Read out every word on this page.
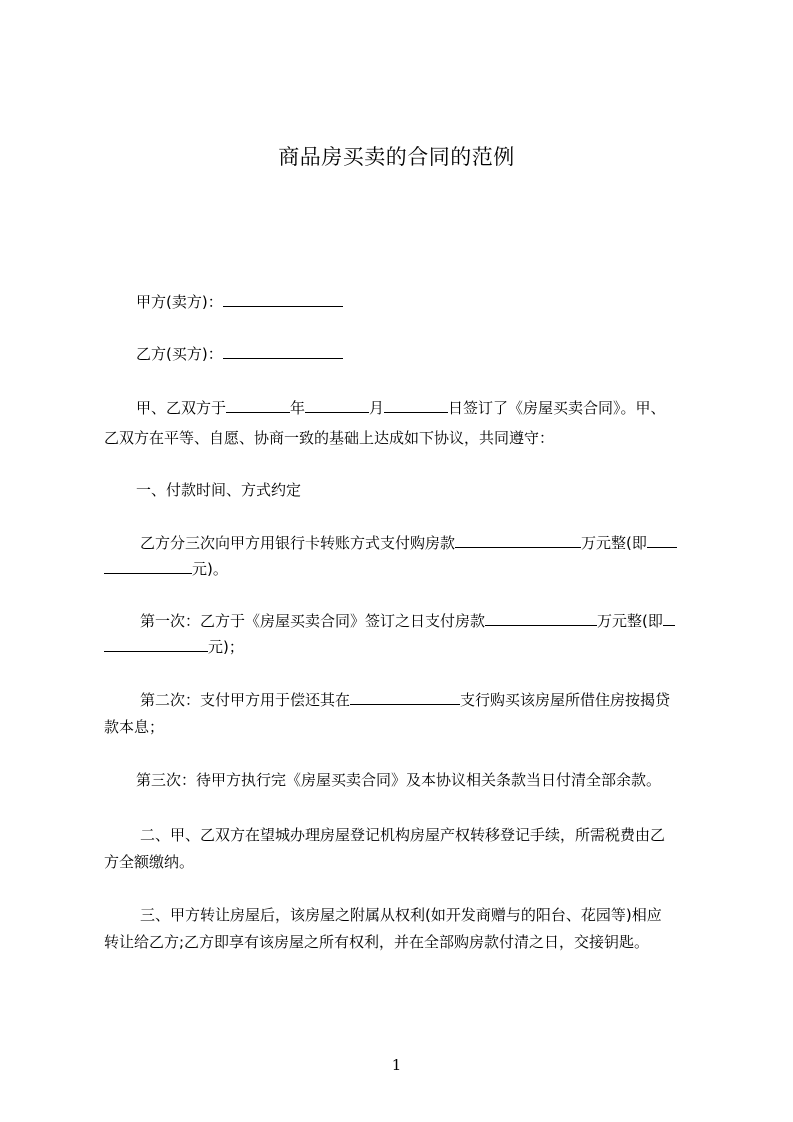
商品房买卖的合同的范例
甲方(卖方)：
乙方(买方)：
甲、乙双方于	年	月	日签订了《房屋买卖合同》。甲、
乙双方在平等、自愿、协商一致的基础上达成如下协议，共同遵守：
一、付款时间、方式约定
乙方分三次向甲方用银行卡转账方式支付购房款	万元整(即
元)。
第一次：乙方于《房屋买卖合同》签订之日支付房款	万元整(即
元)；
第二次：支付甲方用于偿还其在	支行购买该房屋所借住房按揭贷
款本息；
第三次：待甲方执行完《房屋买卖合同》及本协议相关条款当日付清全部余款。
二、甲、乙双方在望城办理房屋登记机构房屋产权转移登记手续，所需税费由乙
方全额缴纳。
三、甲方转让房屋后，该房屋之附属从权利(如开发商赠与的阳台、花园等)相应
转让给乙方;乙方即享有该房屋之所有权利，并在全部购房款付清之日，交接钥匙。
1
